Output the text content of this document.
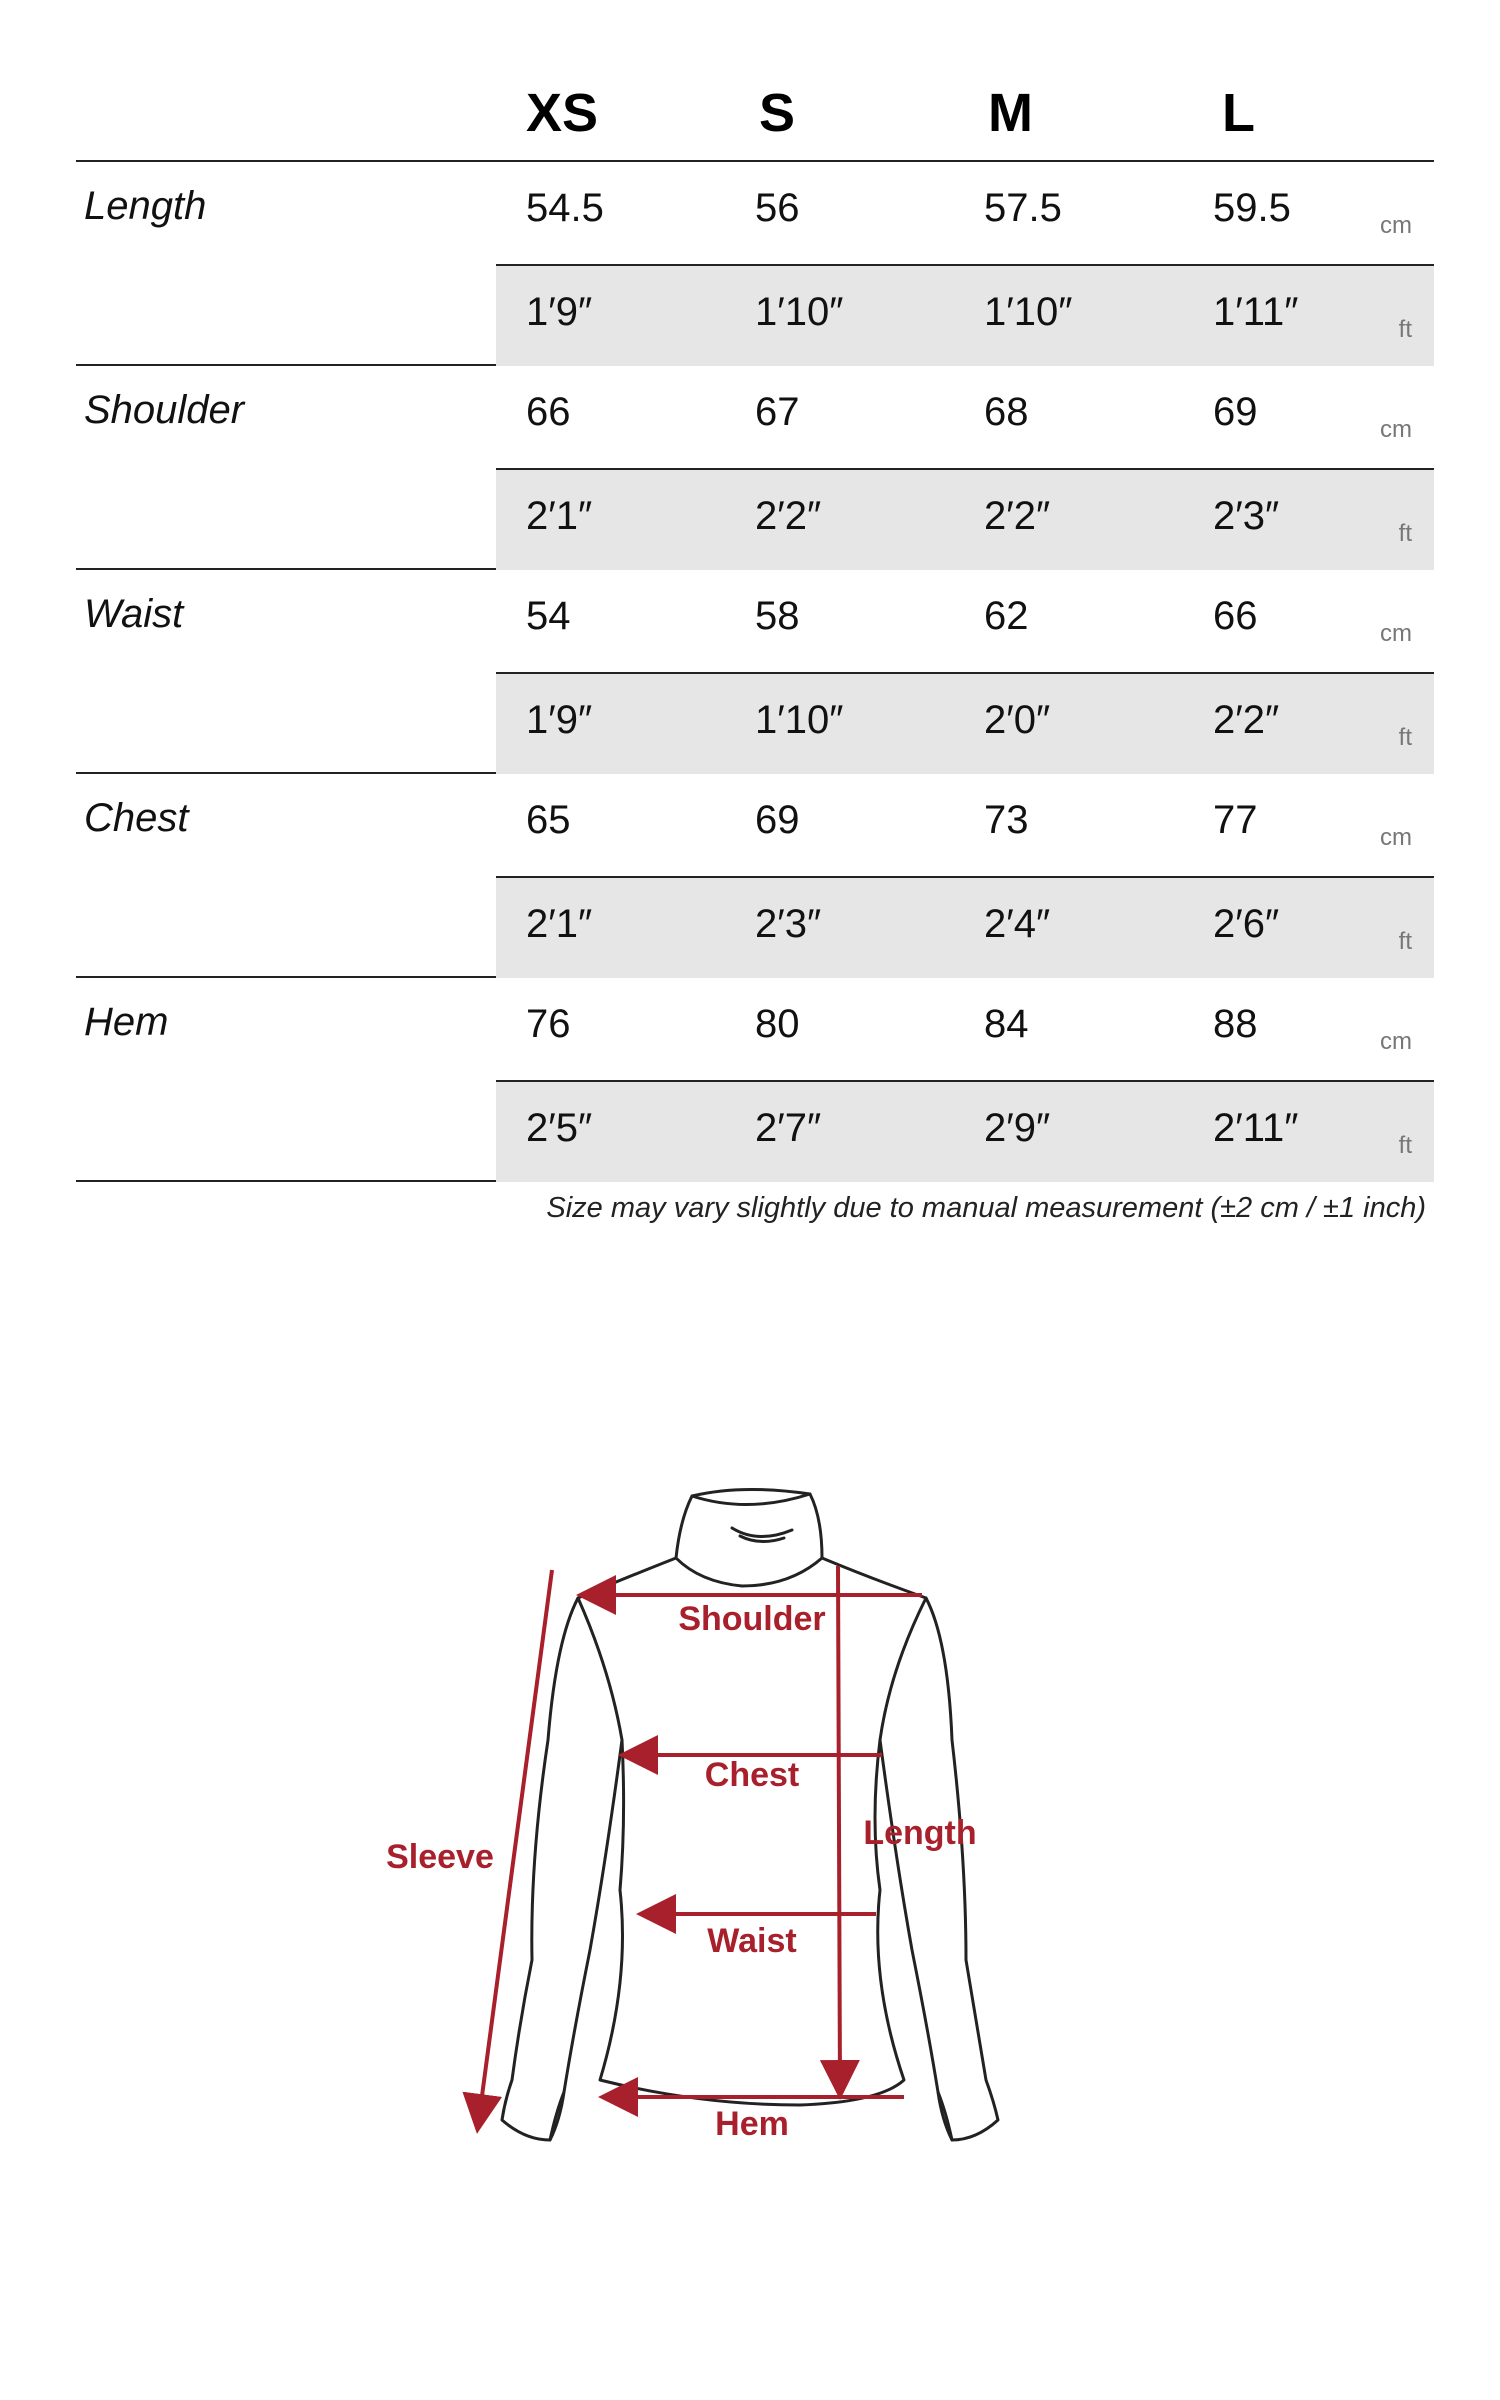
XS	S	M	L
Length	54.5	56	57.5	59.5	cm
1′9″	1′10″	1′10″	1′11″	ft
Shoulder	66	67	68	69	cm
2′1″	2′2″	2′2″	2′3″	ft
Waist	54	58	62	66	cm
1′9″	1′10″	2′0″	2′2″	ft
Chest	65	69	73	77	cm
2′1″	2′3″	2′4″	2′6″	ft
Hem	76	80	84	88	cm
2′5″	2′7″	2′9″	2′11″	ft
Size may vary slightly due to manual measurement (±2 cm / ±1 inch)
Shoulder
Chest
Length
Sleeve
Waist
Hem
